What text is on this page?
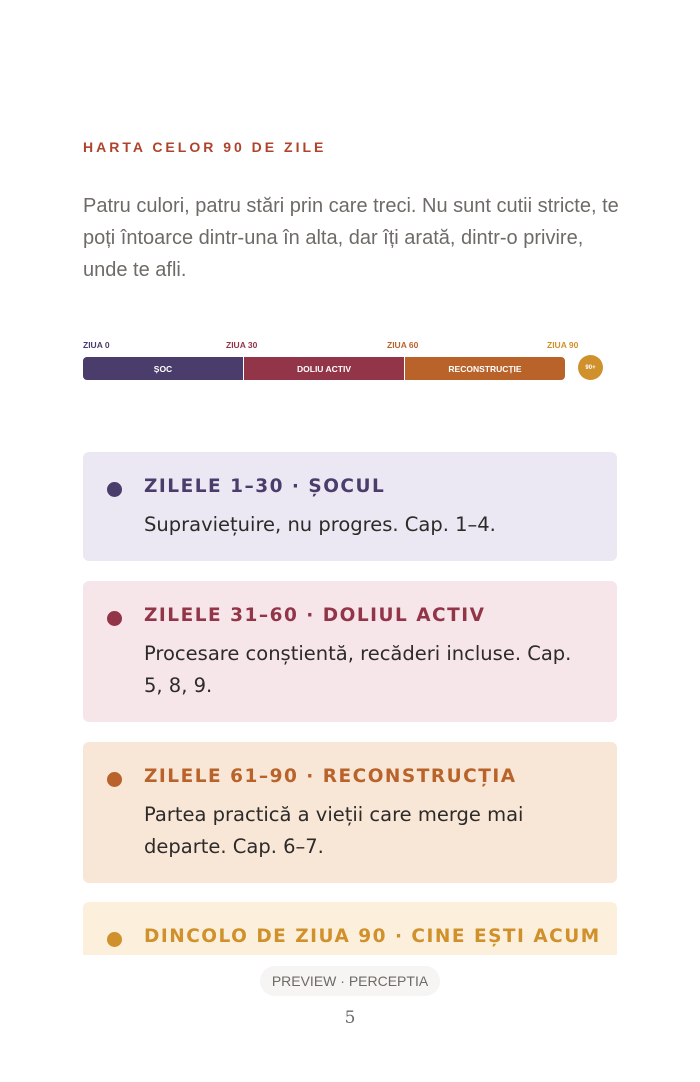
HARTA CELOR 90 DE ZILE
Patru culori, patru stări prin care treci. Nu sunt cutii stricte, te poți întoarce dintr-una în alta, dar îți arată, dintr-o privire, unde te afli.
ZIUA 0	ZIUA 30	ZIUA 60	ZIUA 90
ȘOC	DOLIU ACTIV	RECONSTRUCȚIE	90+
ZILELE 1–30 · ȘOCUL
Supraviețuire, nu progres. Cap. 1–4.
ZILELE 31–60 · DOLIUL ACTIV
Procesare conștientă, recăderi incluse. Cap. 5, 8, 9.
ZILELE 61–90 · RECONSTRUCȚIA
Partea practică a vieții care merge mai departe. Cap. 6–7.
DINCOLO DE ZIUA 90 · CINE EȘTI ACUM
PREVIEW · PERCEPTIA
5
